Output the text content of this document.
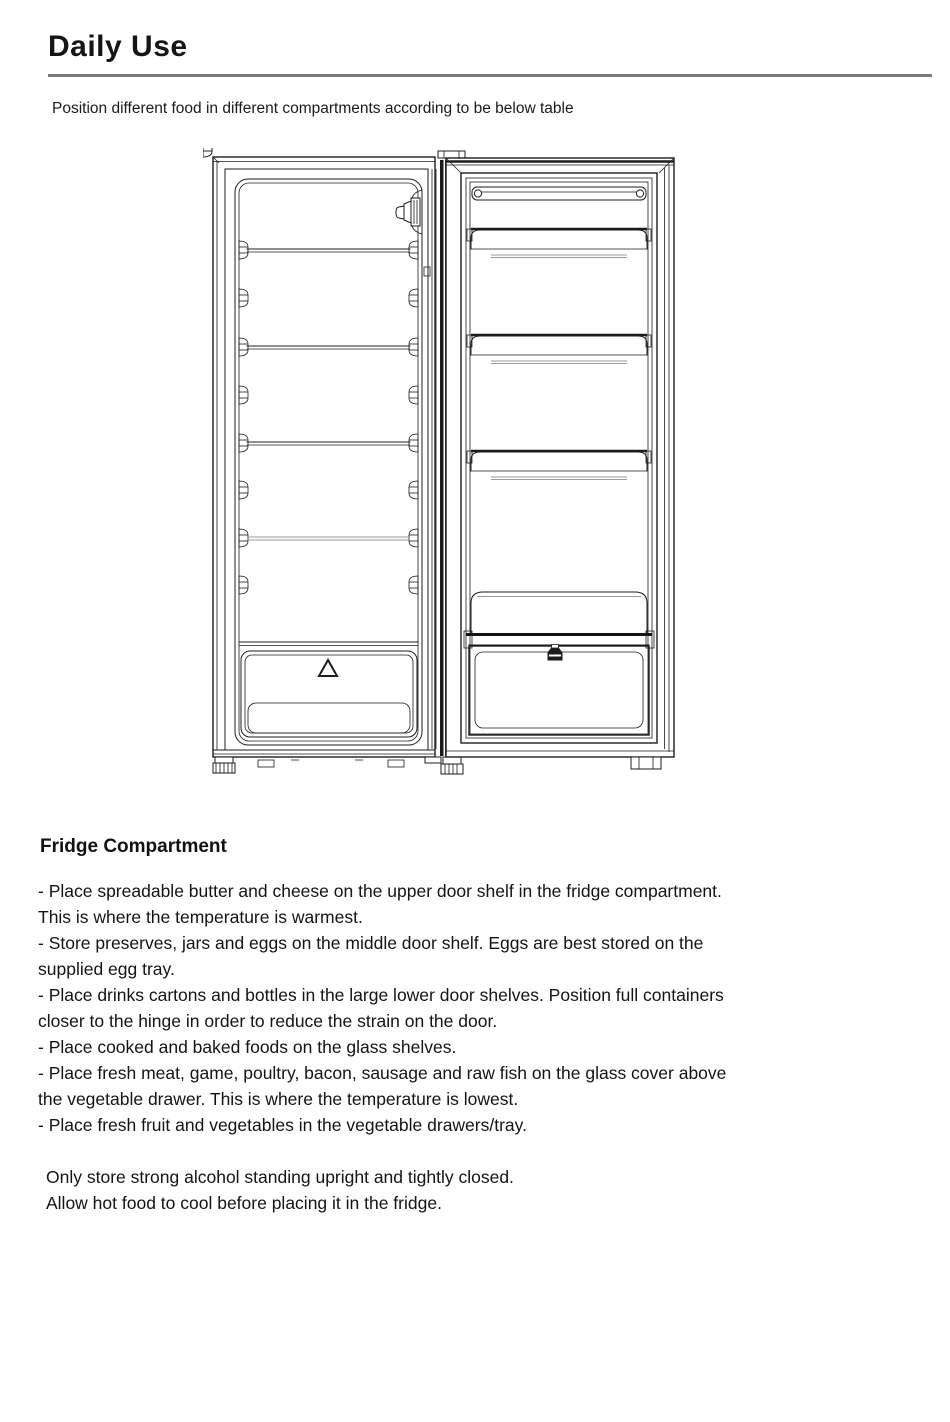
Daily Use
Position different food in different compartments according to be below table
Fridge Compartment
- Place spreadable butter and cheese on the upper door shelf in the fridge compartment.
This is where the temperature is warmest.
- Store preserves, jars and eggs on the middle door shelf. Eggs are best stored on the
supplied egg tray.
- Place drinks cartons and bottles in the large lower door shelves. Position full containers
closer to the hinge in order to reduce the strain on the door.
- Place cooked and baked foods on the glass shelves.
- Place fresh meat, game, poultry, bacon, sausage and raw fish on the glass cover above
the vegetable drawer. This is where the temperature is lowest.
- Place fresh fruit and vegetables in the vegetable drawers/tray.
Only store strong alcohol standing upright and tightly closed.
Allow hot food to cool before placing it in the fridge.
